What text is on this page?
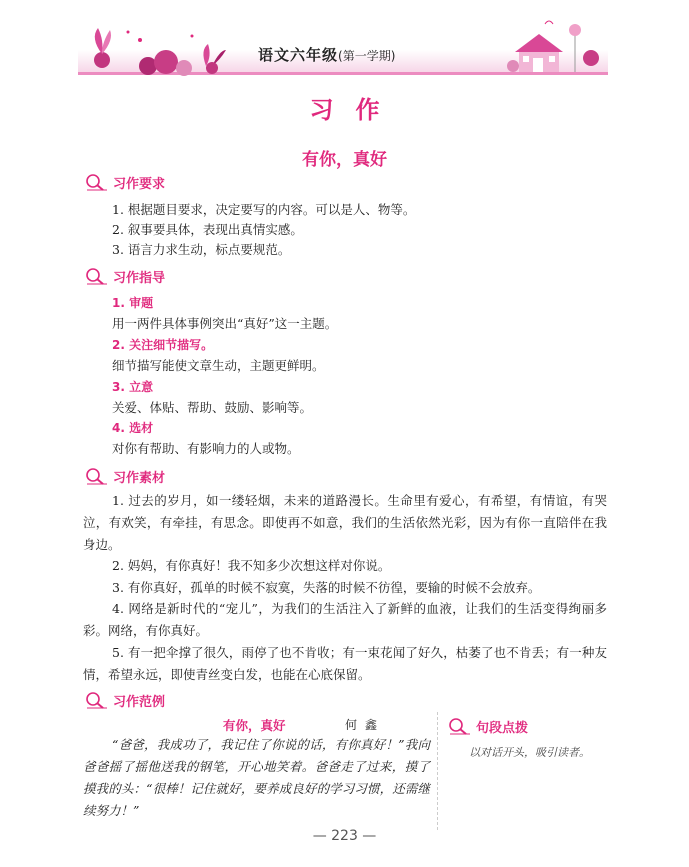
语文六年级(第一学期)
习作
有你，真好
习作要求
1. 根据题目要求，决定要写的内容。可以是人、物等。
2. 叙事要具体，表现出真情实感。
3. 语言力求生动，标点要规范。
习作指导
1. 审题
用一两件具体事例突出“真好”这一主题。
2. 关注细节描写。
细节描写能使文章生动，主题更鲜明。
3. 立意
关爱、体贴、帮助、鼓励、影响等。
4. 选材
对你有帮助、有影响力的人或物。
习作素材
1. 过去的岁月，如一缕轻烟，未来的道路漫长。生命里有爱心，有希望，有情谊，有哭泣，有欢笑，有牵挂，有思念。即使再不如意，我们的生活依然光彩，因为有你一直陪伴在我身边。
2. 妈妈，有你真好！我不知多少次想这样对你说。
3. 有你真好，孤单的时候不寂寞，失落的时候不彷徨，要输的时候不会放弃。
4. 网络是新时代的“宠儿”，为我们的生活注入了新鲜的血液，让我们的生活变得绚丽多彩。网络，有你真好。
5. 有一把伞撑了很久，雨停了也不肯收；有一束花闻了好久，枯萎了也不肯丢；有一种友情，希望永远，即使青丝变白发，也能在心底保留。
习作范例
有你，真好	何鑫
“爸爸，我成功了，我记住了你说的话，有你真好！”我向爸爸摇了摇他送我的钢笔，开心地笑着。爸爸走了过来，摸了摸我的头：“很棒！记住就好，要养成良好的学习习惯，还需继续努力！”
句段点拨
以对话开头，吸引读者。
— 223 —
